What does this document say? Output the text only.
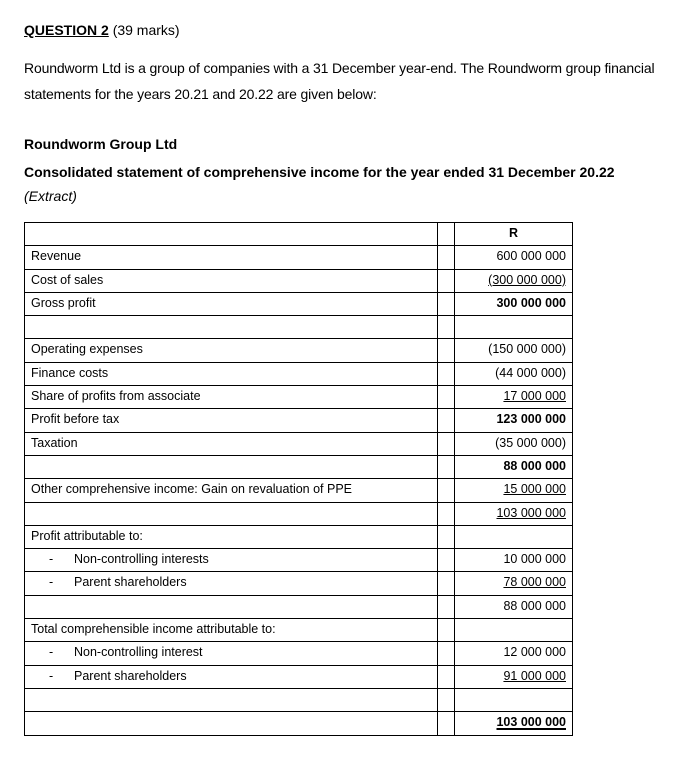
QUESTION 2 (39 marks)
Roundworm Ltd is a group of companies with a 31 December year-end. The Roundworm group financial
statements for the years 20.21 and 20.22 are given below:
Roundworm Group Ltd
Consolidated statement of comprehensive income for the year ended 31 December 20.22
(Extract)
		R
Revenue		600 000 000
Cost of sales		(300 000 000)
Gross profit		300 000 000

Operating expenses		(150 000 000)
Finance costs		(44 000 000)
Share of profits from associate		17 000 000
Profit before tax		123 000 000
Taxation		(35 000 000)
		88 000 000
Other comprehensive income: Gain on revaluation of PPE		15 000 000
		103 000 000
Profit attributable to:		
- Non-controlling interests		10 000 000
- Parent shareholders		78 000 000
		88 000 000
Total comprehensible income attributable to:		
- Non-controlling interest		12 000 000
- Parent shareholders		91 000 000

		103 000 000
